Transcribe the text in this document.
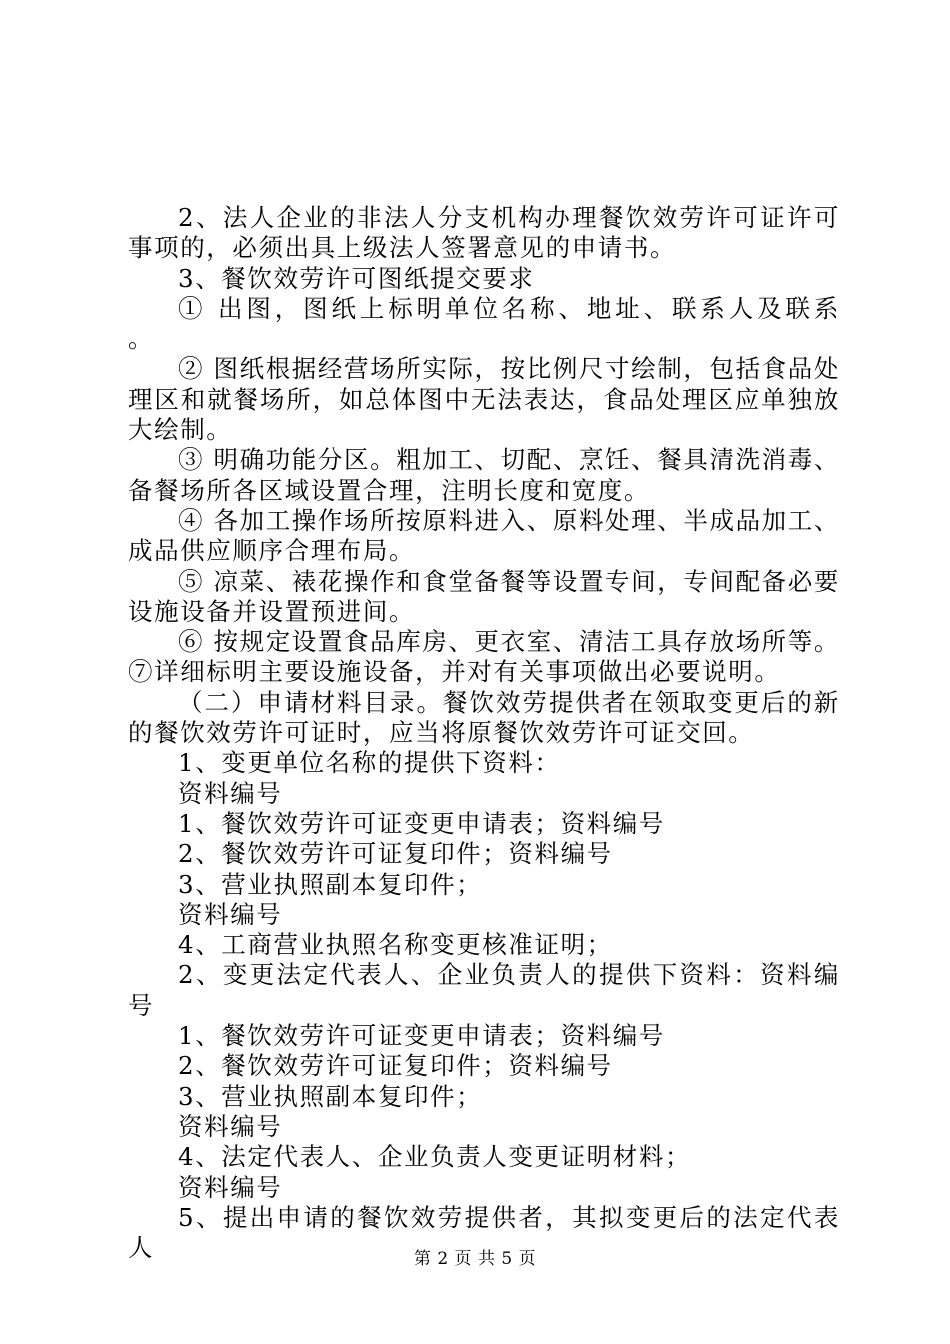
2、法人企业的非法人分支机构办理餐饮效劳许可证许可事项的，必须出具上级法人签署意见的申请书。

3、餐饮效劳许可图纸提交要求

① 出图，图纸上标明单位名称、地址、联系人及联系　　。

② 图纸根据经营场所实际，按比例尺寸绘制，包括食品处理区和就餐场所，如总体图中无法表达，食品处理区应单独放大绘制。

③ 明确功能分区。粗加工、切配、烹饪、餐具清洗消毒、备餐场所各区域设置合理，注明长度和宽度。

④ 各加工操作场所按原料进入、原料处理、半成品加工、成品供应顺序合理布局。

⑤ 凉菜、裱花操作和食堂备餐等设置专间，专间配备必要设施设备并设置预进间。

⑥ 按规定设置食品库房、更衣室、清洁工具存放场所等。⑦详细标明主要设施设备，并对有关事项做出必要说明。

（二）申请材料目录。餐饮效劳提供者在领取变更后的新的餐饮效劳许可证时，应当将原餐饮效劳许可证交回。

1、变更单位名称的提供下资料：

资料编号

1、餐饮效劳许可证变更申请表；资料编号

2、餐饮效劳许可证复印件；资料编号

3、营业执照副本复印件；

资料编号

4、工商营业执照名称变更核准证明；

2、变更法定代表人、企业负责人的提供下资料：资料编号

1、餐饮效劳许可证变更申请表；资料编号

2、餐饮效劳许可证复印件；资料编号

3、营业执照副本复印件；

资料编号

4、法定代表人、企业负责人变更证明材料；

资料编号

5、提出申请的餐饮效劳提供者，其拟变更后的法定代表人	第 2 页 共 5 页
